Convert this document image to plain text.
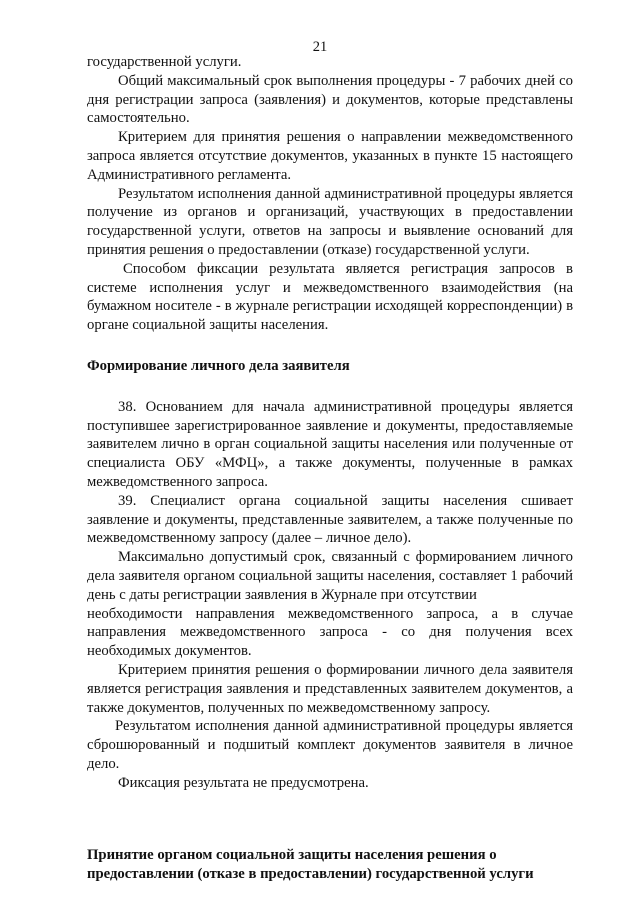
21

государственной услуги.

Общий максимальный срок выполнения процедуры - 7 рабочих дней со дня регистрации запроса (заявления) и документов, которые представлены самостоятельно.

Критерием для принятия решения о направлении межведомственного запроса является отсутствие документов, указанных в пункте 15 настоящего Административного регламента.

Результатом исполнения данной административной процедуры является получение из органов и организаций, участвующих в предоставлении государственной услуги, ответов на запросы и выявление оснований для принятия решения о предоставлении (отказе) государственной услуги.

Способом фиксации результата является регистрация запросов в системе исполнения услуг и межведомственного взаимодействия (на бумажном носителе - в журнале регистрации исходящей корреспонденции) в органе социальной защиты населения.

Формирование личного дела заявителя

38. Основанием для начала административной процедуры является поступившее зарегистрированное заявление и документы, предоставляемые заявителем лично в орган социальной защиты населения или полученные от специалиста ОБУ «МФЦ», а также документы, полученные в рамках межведомственного запроса.

39. Специалист органа социальной защиты населения сшивает заявление и документы, представленные заявителем, а также полученные по межведомственному запросу (далее – личное дело).

Максимально допустимый срок, связанный с формированием личного дела заявителя органом социальной защиты населения, составляет 1 рабочий день с даты регистрации заявления в Журнале при отсутствии

необходимости направления межведомственного запроса, а в случае направления межведомственного запроса - со дня получения всех необходимых документов.

Критерием принятия решения о формировании личного дела заявителя является регистрация заявления и представленных заявителем документов, а также документов, полученных по межведомственному запросу.

Результатом исполнения данной административной процедуры является сброшюрованный и подшитый комплект документов заявителя в личное дело.

Фиксация результата не предусмотрена.

Принятие органом социальной защиты населения решения о

предоставлении (отказе в предоставлении) государственной услуги
